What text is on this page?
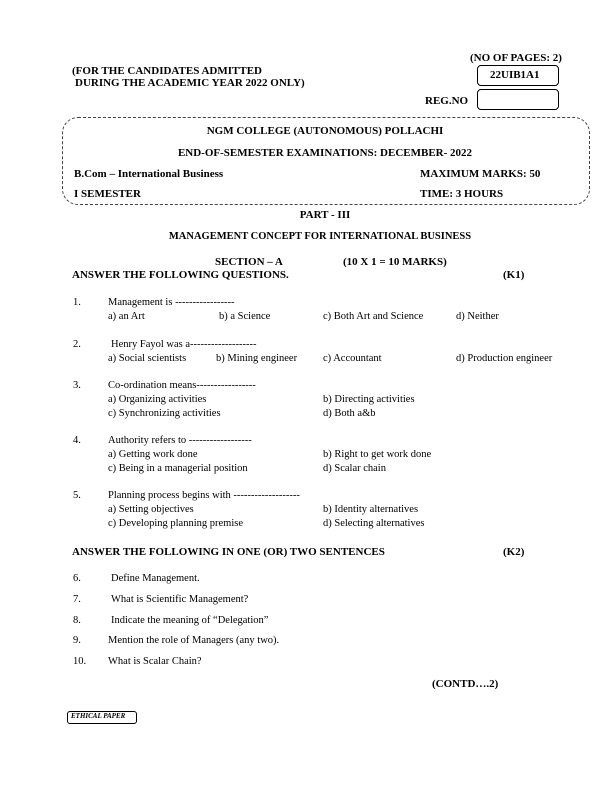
(NO OF PAGES: 2)
(FOR THE CANDIDATES ADMITTED
DURING THE ACADEMIC YEAR 2022 ONLY)
22UIB1A1
REG.NO
NGM COLLEGE (AUTONOMOUS) POLLACHI
END-OF-SEMESTER EXAMINATIONS: DECEMBER- 2022
B.Com – International Business	MAXIMUM MARKS: 50
I SEMESTER	TIME: 3 HOURS
PART - III
MANAGEMENT CONCEPT FOR INTERNATIONAL BUSINESS
SECTION – A	(10 X 1 = 10 MARKS)
ANSWER THE FOLLOWING QUESTIONS.	(K1)
1.	Management is -----------------
a) an Art	b) a Science	c) Both Art and Science	d) Neither
2.	Henry Fayol was a-------------------
a) Social scientists	b) Mining engineer c) Accountant	d) Production engineer
3.	Co-ordination means-----------------
a) Organizing activities	b) Directing activities
c) Synchronizing activities	d) Both a&b
4.	Authority refers to ------------------
a) Getting work done	b) Right to get work done
c) Being in a managerial position	d) Scalar chain
5.	Planning process begins with -------------------
a) Setting objectives	b) Identity alternatives
c) Developing planning premise	d) Selecting alternatives
ANSWER THE FOLLOWING IN ONE (OR) TWO SENTENCES	(K2)
6.	Define Management.
7.	What is Scientific Management?
8.	Indicate the meaning of “Delegation”
9.	Mention the role of Managers (any two).
10. What is Scalar Chain?
(CONTD….2)
ETHICAL PAPER
